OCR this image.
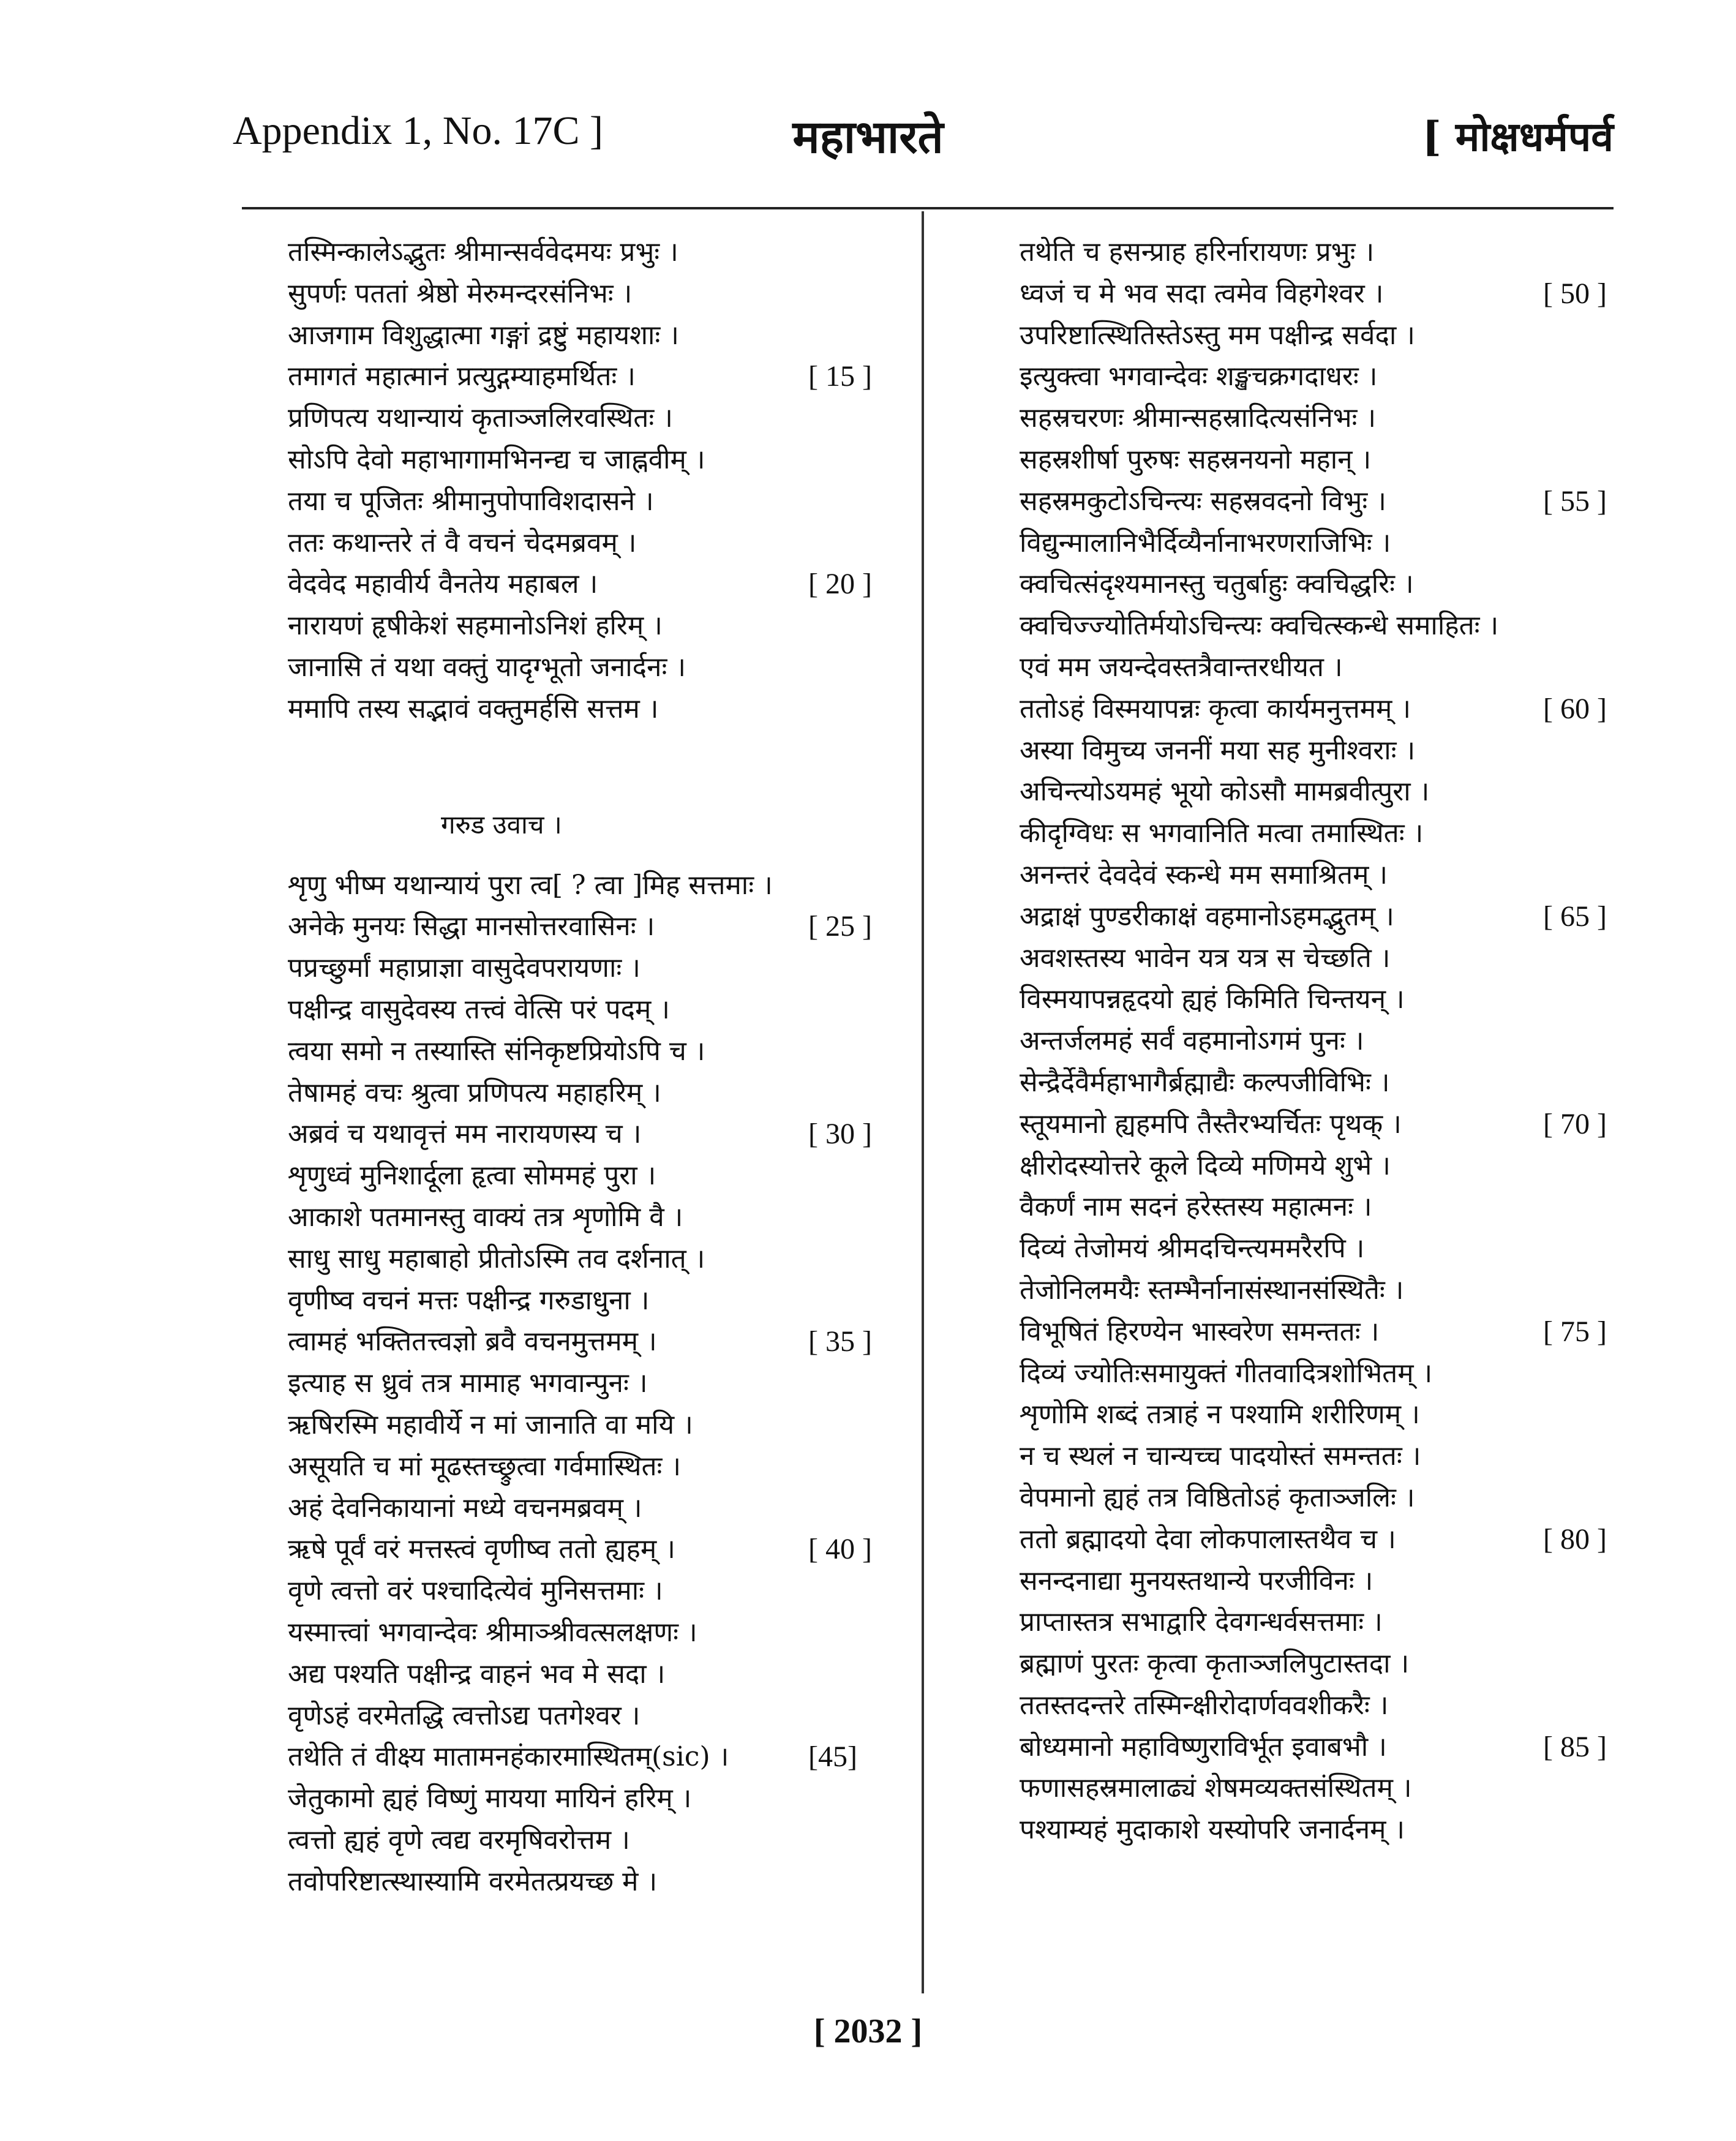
Appendix 1, No. 17C ]	महाभारते	[ मोक्षधर्मपर्व
तस्मिन्काले‍ऽद्भुतः श्रीमान्सर्ववेदमयः प्रभुः ।
सुपर्णः पततां श्रेष्ठो मेरुमन्दरसंनिभः ।
आजगाम विशुद्धात्मा गङ्गां द्रष्टुं महायशाः ।
तमागतं महात्मानं प्रत्युद्गम्याहमर्थितः ।	[ 15 ]
प्रणिपत्य यथान्यायं कृताञ्जलिरवस्थितः ।
सोऽपि देवो महाभागामभिनन्द्य च जाह्नवीम् ।
तया च पूजितः श्रीमानुपोपाविशदासने ।
ततः कथान्तरे तं वै वचनं चेदमब्रवम् ।
वेदवेद महावीर्य वैनतेय महाबल ।	[ 20 ]
नारायणं हृषीकेशं सहमानोऽनिशं हरिम् ।
जानासि तं यथा वक्तुं यादृग्भूतो जनार्दनः ।
ममापि तस्य सद्भावं वक्तुमर्हसि सत्तम ।
गरुड उवाच ।
शृणु भीष्म यथान्यायं पुरा त्व[ ? त्वा ]मिह सत्तमाः ।
अनेके मुनयः सिद्धा मानसोत्तरवासिनः ।	[ 25 ]
पप्रच्छुर्मां महाप्राज्ञा वासुदेवपरायणाः ।
पक्षीन्द्र वासुदेवस्य तत्त्वं वेत्सि परं पदम् ।
त्वया समो न तस्यास्ति संनिकृष्टप्रियोऽपि च ।
तेषामहं वचः श्रुत्वा प्रणिपत्य महाहरिम् ।
अब्रवं च यथावृत्तं मम नारायणस्य च ।	[ 30 ]
शृणुध्वं मुनिशार्दूला हृत्वा सोममहं पुरा ।
आकाशे पतमानस्तु वाक्यं तत्र शृणोमि वै ।
साधु साधु महाबाहो प्रीतोऽस्मि तव दर्शनात् ।
वृणीष्व वचनं मत्तः पक्षीन्द्र गरुडाधुना ।
त्वामहं भक्तितत्त्वज्ञो ब्रवै वचनमुत्तमम् ।	[ 35 ]
इत्याह स ध्रुवं तत्र मामाह भगवान्पुनः ।
ऋषिरस्मि महावीर्ये न मां जानाति वा मयि ।
असूयति च मां मूढस्तच्छ्रुत्वा गर्वमास्थितः ।
अहं देवनिकायानां मध्ये वचनमब्रवम् ।
ऋषे पूर्वं वरं मत्तस्त्वं वृणीष्व ततो ह्यहम् ।	[ 40 ]
वृणे त्वत्तो वरं पश्चादित्येवं मुनिसत्तमाः ।
यस्मात्त्वां भगवान्देवः श्रीमाञ्श्रीवत्सलक्षणः ।
अद्य पश्यति पक्षीन्द्र वाहनं भव मे सदा ।
वृणेऽहं वरमेतद्धि त्वत्तोऽद्य पतगेश्वर ।
तथेति तं वीक्ष्य मातामनहंकारमास्थितम्(sic) ।	[45]
जेतुकामो ह्यहं विष्णुं मायया मायिनं हरिम् ।
त्वत्तो ह्यहं वृणे त्वद्य वरमृषिवरोत्तम ।
तवोपरिष्टात्स्थास्यामि वरमेतत्प्रयच्छ मे ।
तथेति च हसन्प्राह हरिर्नारायणः प्रभुः ।
ध्वजं च मे भव सदा त्वमेव विहगेश्वर ।	[ 50 ]
उपरिष्टात्स्थितिस्तेऽस्तु मम पक्षीन्द्र सर्वदा ।
इत्युक्त्वा भगवान्देवः शङ्खचक्रगदाधरः ।
सहस्रचरणः श्रीमान्सहस्रादित्यसंनिभः ।
सहस्रशीर्षा पुरुषः सहस्रनयनो महान् ।
सहस्रमकुटोऽचिन्त्यः सहस्रवदनो विभुः ।	[ 55 ]
विद्युन्मालानिभैर्दिव्यैर्नानाभरणराजिभिः ।
क्वचित्संदृश्यमानस्तु चतुर्बाहुः क्वचिद्धरिः ।
क्वचिज्ज्योतिर्मयोऽचिन्त्यः क्वचित्स्कन्धे समाहितः ।
एवं मम जयन्देवस्तत्रैवान्तरधीयत ।
ततोऽहं विस्मयापन्नः कृत्वा कार्यमनुत्तमम् ।	[ 60 ]
अस्या विमुच्य जननीं मया सह मुनीश्वराः ।
अचिन्त्योऽयमहं भूयो कोऽसौ मामब्रवीत्पुरा ।
कीदृग्विधः स भगवानिति मत्वा तमास्थितः ।
अनन्तरं देवदेवं स्कन्धे मम समाश्रितम् ।
अद्राक्षं पुण्डरीकाक्षं वहमानोऽहमद्भुतम् ।	[ 65 ]
अवशस्तस्य भावेन यत्र यत्र स चेच्छति ।
विस्मयापन्नहृदयो ह्यहं किमिति चिन्तयन् ।
अन्तर्जलमहं सर्वं वहमानोऽगमं पुनः ।
सेन्द्रैर्देवैर्महाभागैर्ब्रह्माद्यैः कल्पजीविभिः ।
स्तूयमानो ह्यहमपि तैस्तैरभ्यर्चितः पृथक् ।	[ 70 ]
क्षीरोदस्योत्तरे कूले दिव्ये मणिमये शुभे ।
वैकर्णं नाम सदनं हरेस्तस्य महात्मनः ।
दिव्यं तेजोमयं श्रीमदचिन्त्यममरैरपि ।
तेजोनिलमयैः स्तम्भैर्नानासंस्थानसंस्थितैः ।
विभूषितं हिरण्येन भास्वरेण समन्ततः ।	[ 75 ]
दिव्यं ज्योतिःसमायुक्तं गीतवादित्रशोभितम् ।
शृणोमि शब्दं तत्राहं न पश्यामि शरीरिणम् ।
न च स्थलं न चान्यच्च पादयोस्तं समन्ततः ।
वेपमानो ह्यहं तत्र विष्ठितोऽहं कृताञ्जलिः ।
ततो ब्रह्मादयो देवा लोकपालास्तथैव च ।	[ 80 ]
सनन्दनाद्या मुनयस्तथान्ये परजीविनः ।
प्राप्तास्तत्र सभाद्वारि देवगन्धर्वसत्तमाः ।
ब्रह्माणं पुरतः कृत्वा कृताञ्जलिपुटास्तदा ।
ततस्तदन्तरे तस्मिन्क्षीरोदार्णववशीकरैः ।
बोध्यमानो महाविष्णुराविर्भूत इवाबभौ ।	[ 85 ]
फणासहस्रमालाढ्यं शेषमव्यक्तसंस्थितम् ।
पश्याम्यहं मुदाकाशे यस्योपरि जनार्दनम् ।
[ 2032 ]
